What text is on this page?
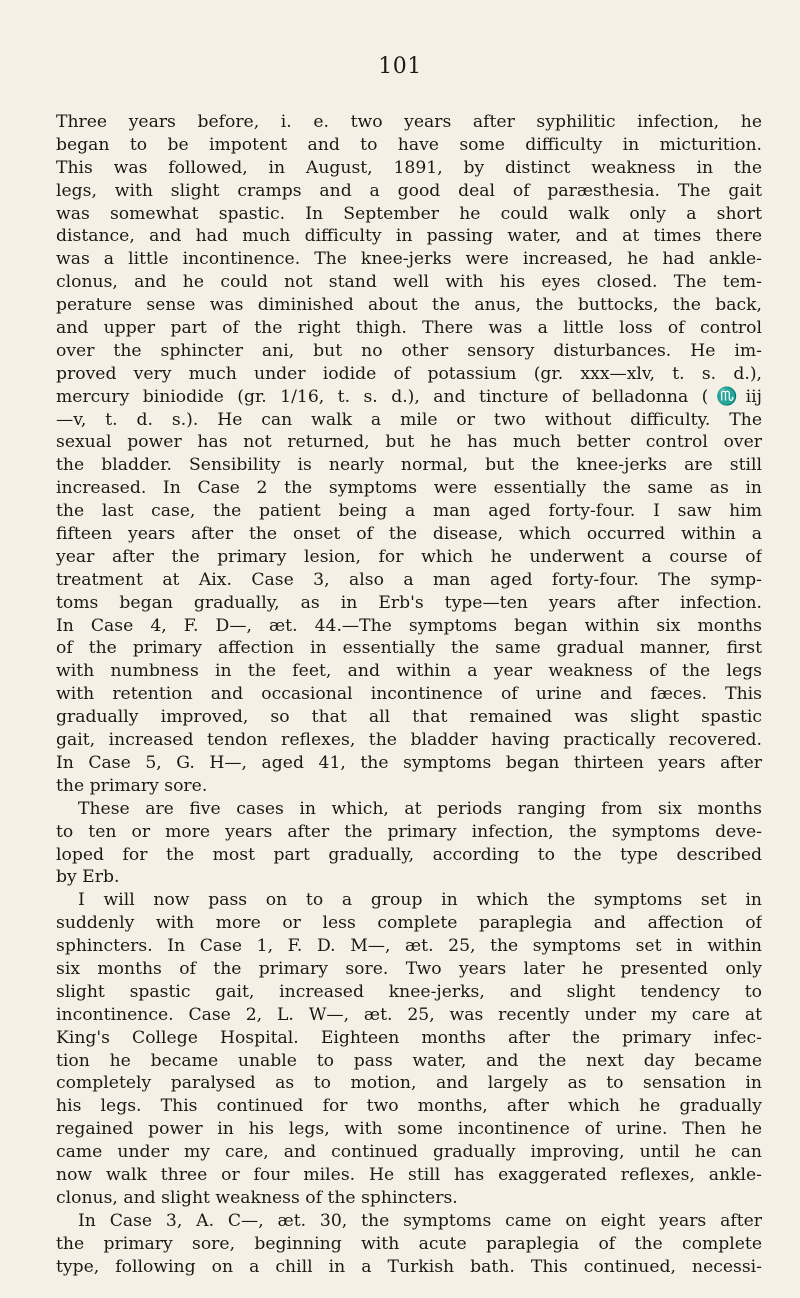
101
Three years before, i. e. two years after syphilitic infection, he
began to be impotent and to have some difficulty in micturition.
This was followed, in August, 1891, by distinct weakness in the
legs, with slight cramps and a good deal of paræsthesia. The gait
was somewhat spastic. In September he could walk only a short
distance, and had much difficulty in passing water, and at times there
was a little incontinence. The knee-jerks were increased, he had ankle-
clonus, and he could not stand well with his eyes closed. The tem-
perature sense was diminished about the anus, the buttocks, the back,
and upper part of the right thigh. There was a little loss of control
over the sphincter ani, but no other sensory disturbances. He im-
proved very much under iodide of potassium (gr. xxx—xlv, t. s. d.),
mercury biniodide (gr. 1/16, t. s. d.), and tincture of belladonna (♏iij
—v, t. d. s.). He can walk a mile or two without difficulty. The
sexual power has not returned, but he has much better control over
the bladder. Sensibility is nearly normal, but the knee-jerks are still
increased. In Case 2 the symptoms were essentially the same as in
the last case, the patient being a man aged forty-four. I saw him
fifteen years after the onset of the disease, which occurred within a
year after the primary lesion, for which he underwent a course of
treatment at Aix. Case 3, also a man aged forty-four. The symp-
toms began gradually, as in Erb's type—ten years after infection.
In Case 4, F. D—, æt. 44.—The symptoms began within six months
of the primary affection in essentially the same gradual manner, first
with numbness in the feet, and within a year weakness of the legs
with retention and occasional incontinence of urine and fæces. This
gradually improved, so that all that remained was slight spastic
gait, increased tendon reflexes, the bladder having practically recovered.
In Case 5, G. H—, aged 41, the symptoms began thirteen years after
the primary sore.
These are five cases in which, at periods ranging from six months
to ten or more years after the primary infection, the symptoms deve-
loped for the most part gradually, according to the type described
by Erb.
I will now pass on to a group in which the symptoms set in
suddenly with more or less complete paraplegia and affection of
sphincters. In Case 1, F. D. M—, æt. 25, the symptoms set in within
six months of the primary sore. Two years later he presented only
slight spastic gait, increased knee-jerks, and slight tendency to
incontinence. Case 2, L. W—, æt. 25, was recently under my care at
King's College Hospital. Eighteen months after the primary infec-
tion he became unable to pass water, and the next day became
completely paralysed as to motion, and largely as to sensation in
his legs. This continued for two months, after which he gradually
regained power in his legs, with some incontinence of urine. Then he
came under my care, and continued gradually improving, until he can
now walk three or four miles. He still has exaggerated reflexes, ankle-
clonus, and slight weakness of the sphincters.
In Case 3, A. C—, æt. 30, the symptoms came on eight years after
the primary sore, beginning with acute paraplegia of the complete
type, following on a chill in a Turkish bath. This continued, necessi-
